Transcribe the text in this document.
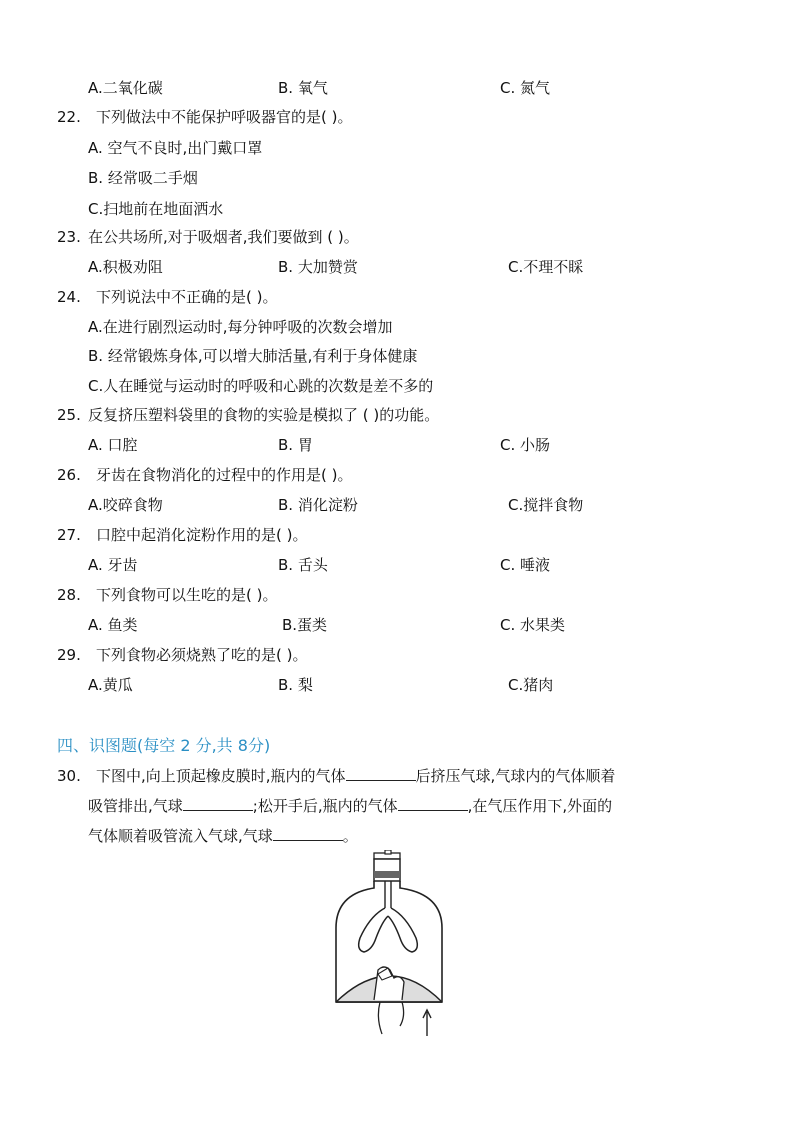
A.二氧化碳	B. 氧气	C. 氮气
22. 下列做法中不能保护呼吸器官的是( )。
A. 空气不良时,出门戴口罩
B. 经常吸二手烟
C.扫地前在地面洒水
23. 在公共场所,对于吸烟者,我们要做到 ( )。
A.积极劝阻	B. 大加赞赏	C.不理不睬
24. 下列说法中不正确的是( )。
A.在进行剧烈运动时,每分钟呼吸的次数会增加
B. 经常锻炼身体,可以增大肺活量,有利于身体健康
C.人在睡觉与运动时的呼吸和心跳的次数是差不多的
25. 反复挤压塑料袋里的食物的实验是模拟了 ( )的功能。
A. 口腔	B. 胃	C. 小肠
26. 牙齿在食物消化的过程中的作用是( )。
A.咬碎食物	B. 消化淀粉	C.搅拌食物
27. 口腔中起消化淀粉作用的是( )。
A. 牙齿	B. 舌头	C. 唾液
28. 下列食物可以生吃的是( )。
A. 鱼类	B.蛋类	C. 水果类
29. 下列食物必须烧熟了吃的是( )。
A.黄瓜	B. 梨	C.猪肉
四、识图题(每空 2 分,共 8分)
30. 下图中,向上顶起橡皮膜时,瓶内的气体	后挤压气球,气球内的气体顺着
吸管排出,气球	;松开手后,瓶内的气体	,在气压作用下,外面的
气体顺着吸管流入气球,气球	。
